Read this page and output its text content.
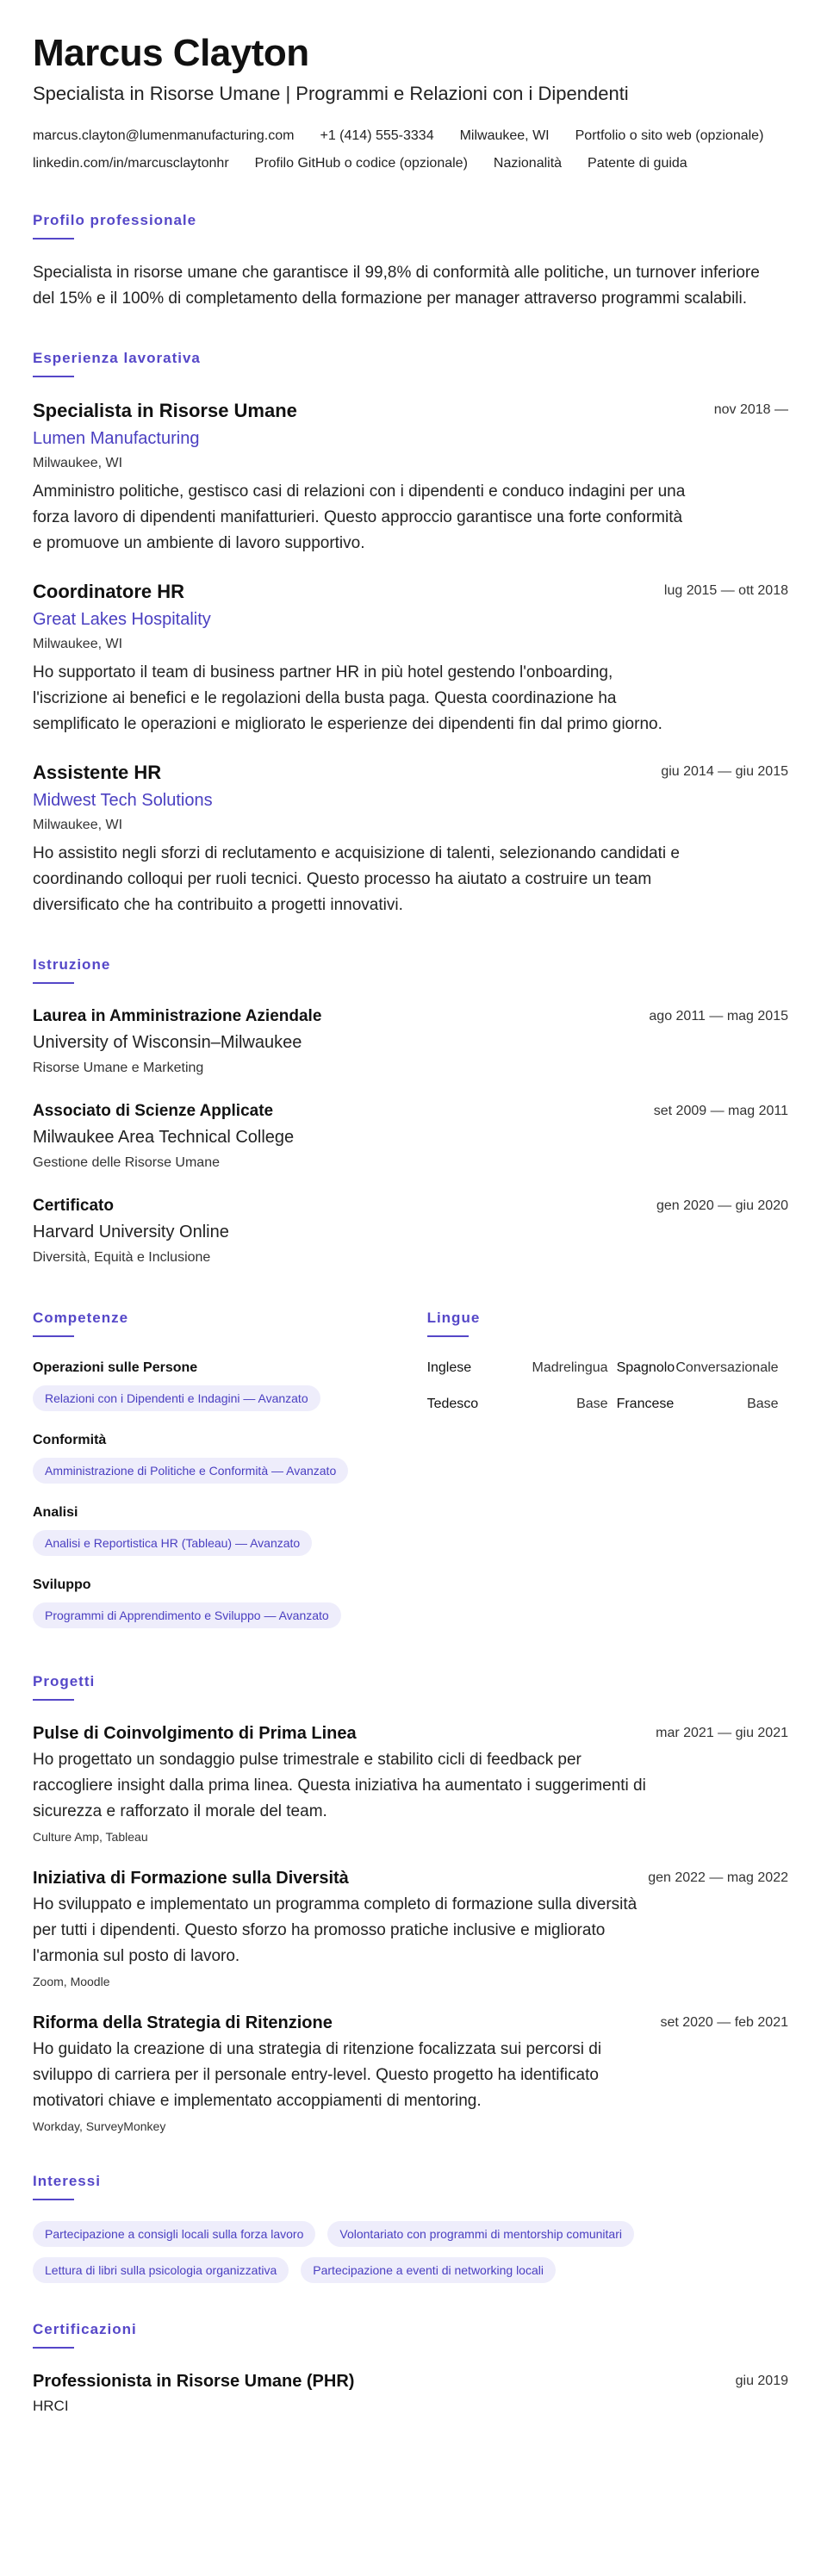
Marcus Clayton
Specialista in Risorse Umane | Programmi e Relazioni con i Dipendenti
marcus.clayton@lumenmanufacturing.com +1 (414) 555-3334 Milwaukee, WI Portfolio o sito web (opzionale)
linkedin.com/in/marcusclaytonhr Profilo GitHub o codice (opzionale) Nazionalità Patente di guida
Profilo professionale

Specialista in risorse umane che garantisce il 99,8% di conformità alle politiche, un turnover inferiore del 15% e il 100% di completamento della formazione per manager attraverso programmi scalabili.

Esperienza lavorativa
Specialista in Risorse Umane	nov 2018 —
Lumen Manufacturing
Milwaukee, WI

Amministro politiche, gestisco casi di relazioni con i dipendenti e conduco indagini per una forza lavoro di dipendenti manifatturieri. Questo approccio garantisce una forte conformità e promuove un ambiente di lavoro supportivo.

Coordinatore HR	lug 2015 — ott 2018
Great Lakes Hospitality
Milwaukee, WI

Ho supportato il team di business partner HR in più hotel gestendo l'onboarding, l'iscrizione ai benefici e le regolazioni della busta paga. Questa coordinazione ha semplificato le operazioni e migliorato le esperienze dei dipendenti fin dal primo giorno.

Assistente HR	giu 2014 — giu 2015
Midwest Tech Solutions
Milwaukee, WI

Ho assistito negli sforzi di reclutamento e acquisizione di talenti, selezionando candidati e coordinando colloqui per ruoli tecnici. Questo processo ha aiutato a costruire un team diversificato che ha contribuito a progetti innovativi.

Istruzione
Laurea in Amministrazione Aziendale	ago 2011 — mag 2015
University of Wisconsin–Milwaukee
Risorse Umane e Marketing
Associato di Scienze Applicate	set 2009 — mag 2011
Milwaukee Area Technical College
Gestione delle Risorse Umane
Certificato	gen 2020 — giu 2020
Harvard University Online
Diversità, Equità e Inclusione
Competenze
Operazioni sulle Persone
Relazioni con i Dipendenti e Indagini — Avanzato
Conformità
Amministrazione di Politiche e Conformità — Avanzato
Analisi
Analisi e Reportistica HR (Tableau) — Avanzato
Sviluppo
Programmi di Apprendimento e Sviluppo — Avanzato
Lingue
Inglese	Madrelingua Spagnolo Conversazionale
Tedesco	Base Francese	Base
Progetti
Pulse di Coinvolgimento di Prima Linea	mar 2021 — giu 2021

Ho progettato un sondaggio pulse trimestrale e stabilito cicli di feedback per raccogliere insight dalla prima linea. Questa iniziativa ha aumentato i suggerimenti di sicurezza e rafforzato il morale del team.

Culture Amp, Tableau
Iniziativa di Formazione sulla Diversità	gen 2022 — mag 2022

Ho sviluppato e implementato un programma completo di formazione sulla diversità per tutti i dipendenti. Questo sforzo ha promosso pratiche inclusive e migliorato l'armonia sul posto di lavoro.

Zoom, Moodle
Riforma della Strategia di Ritenzione	set 2020 — feb 2021

Ho guidato la creazione di una strategia di ritenzione focalizzata sui percorsi di sviluppo di carriera per il personale entry-level. Questo progetto ha identificato motivatori chiave e implementato accoppiamenti di mentoring.

Workday, SurveyMonkey
Interessi
Partecipazione a consigli locali sulla forza lavoro	Volontariato con programmi di mentorship comunitari
Lettura di libri sulla psicologia organizzativa	Partecipazione a eventi di networking locali
Certificazioni
Professionista in Risorse Umane (PHR)	giu 2019
HRCI
